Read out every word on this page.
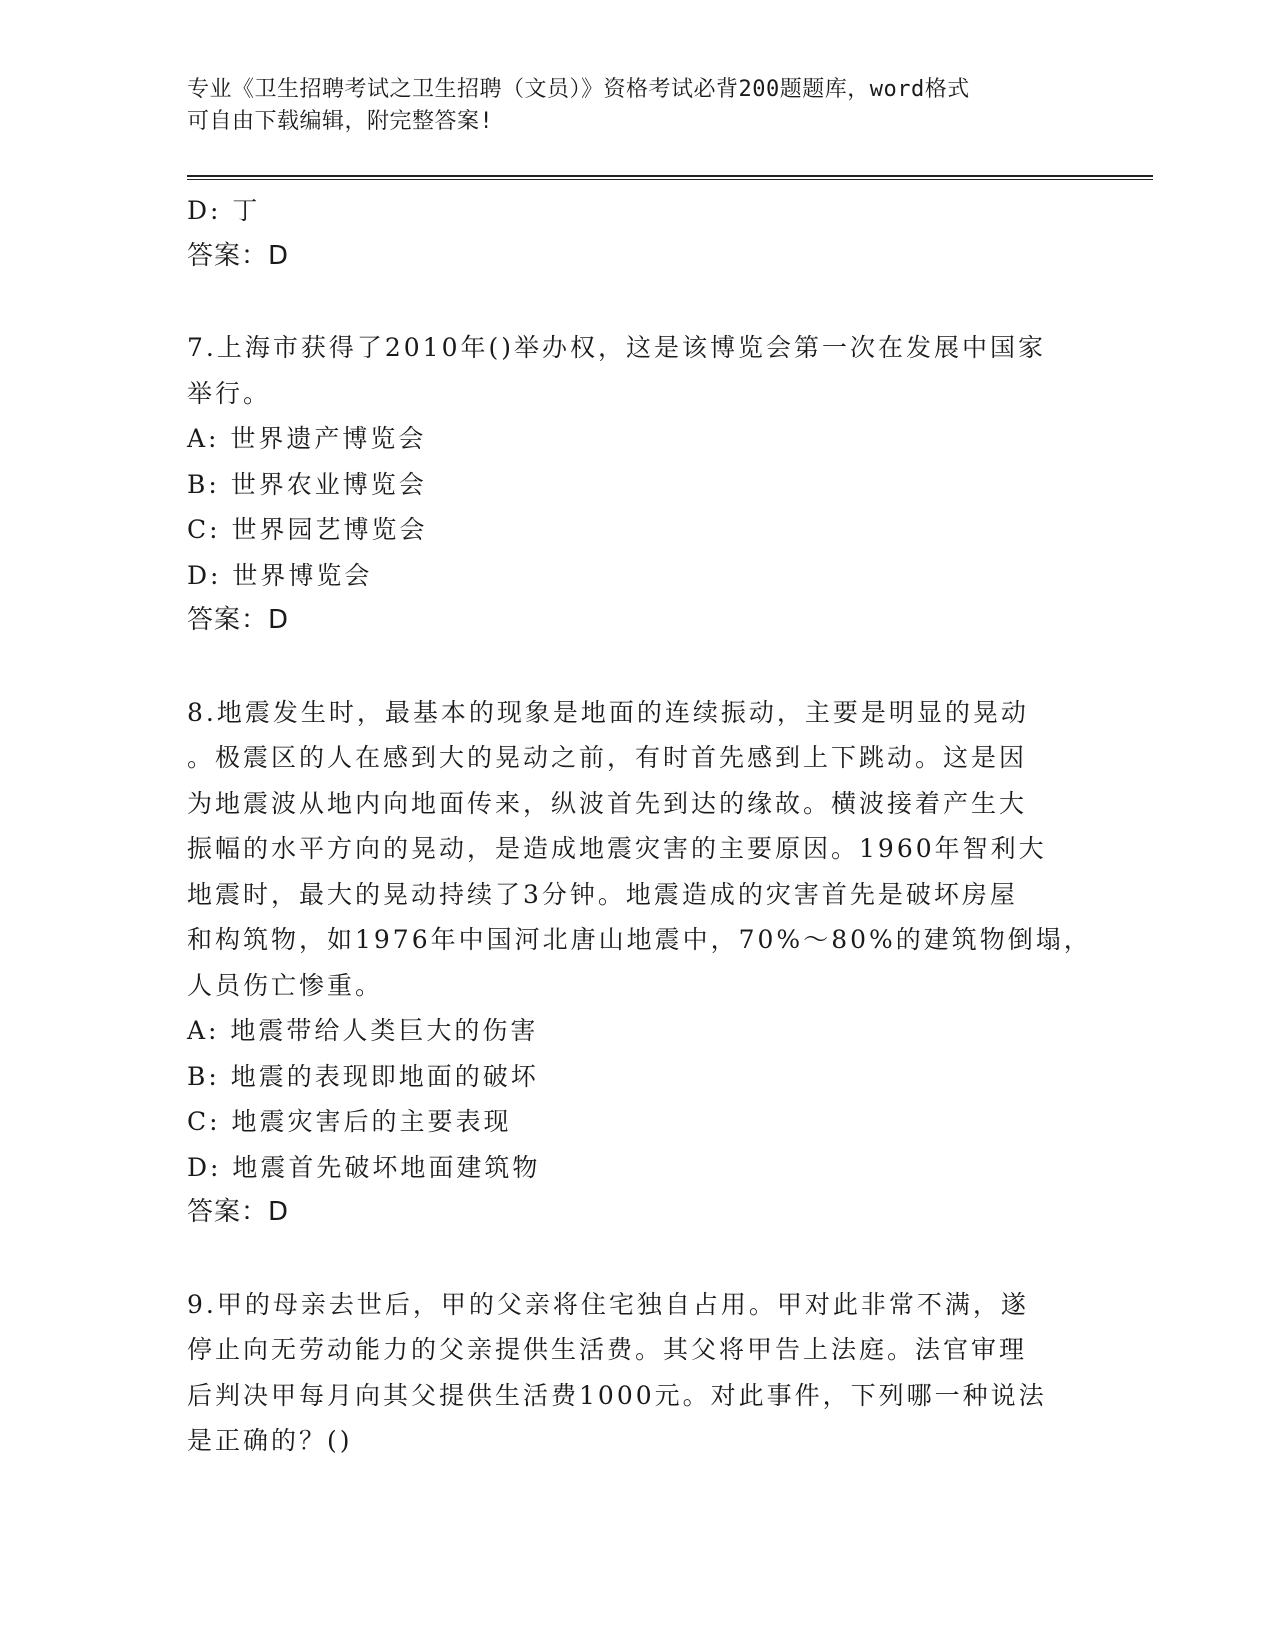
专业《卫生招聘考试之卫生招聘（文员）》资格考试必背200题题库，word格式
可自由下载编辑，附完整答案!

D: 丁

答案：D

7.上海市获得了2010年()举办权，这是该博览会第一次在发展中国家

举行。

A: 世界遗产博览会

B: 世界农业博览会

C: 世界园艺博览会

D: 世界博览会

答案：D

8.地震发生时，最基本的现象是地面的连续振动，主要是明显的晃动

。极震区的人在感到大的晃动之前，有时首先感到上下跳动。这是因

为地震波从地内向地面传来，纵波首先到达的缘故。横波接着产生大

振幅的水平方向的晃动，是造成地震灾害的主要原因。1960年智利大

地震时，最大的晃动持续了3分钟。地震造成的灾害首先是破坏房屋

和构筑物，如1976年中国河北唐山地震中，70%～80%的建筑物倒塌，

人员伤亡惨重。

A: 地震带给人类巨大的伤害

B: 地震的表现即地面的破坏

C: 地震灾害后的主要表现

D: 地震首先破坏地面建筑物

答案：D

9.甲的母亲去世后，甲的父亲将住宅独自占用。甲对此非常不满，遂

停止向无劳动能力的父亲提供生活费。其父将甲告上法庭。法官审理

后判决甲每月向其父提供生活费1000元。对此事件，下列哪一种说法

是正确的？()
